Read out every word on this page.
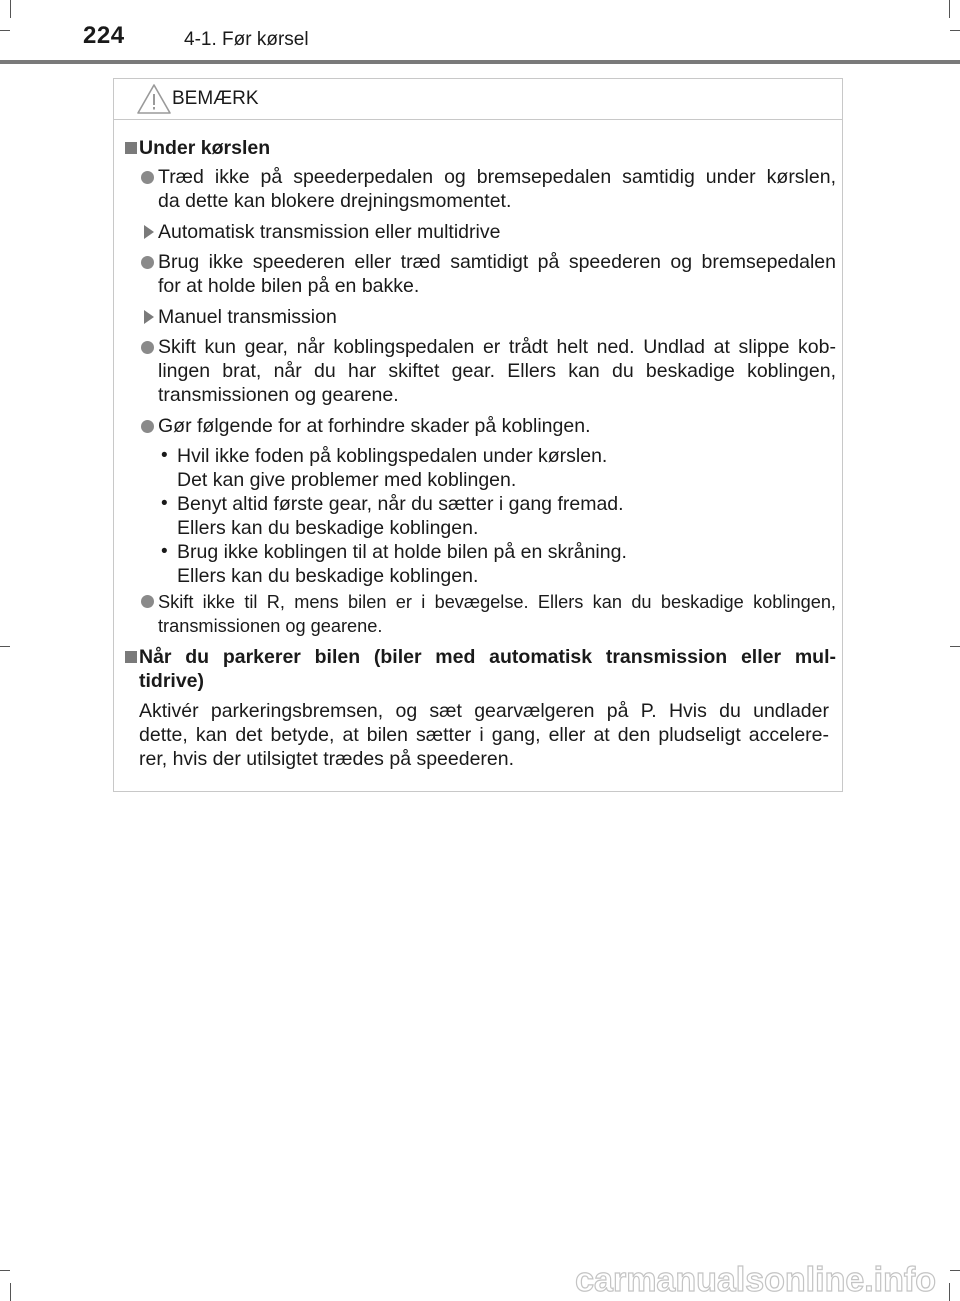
224	4-1. Før kørsel
BEMÆRK
Under kørslen
Træd ikke på speederpedalen og bremsepedalen samtidig under kørslen,
da dette kan blokere drejningsmomentet.
Automatisk transmission eller multidrive
Brug ikke speederen eller træd samtidigt på speederen og bremsepedalen
for at holde bilen på en bakke.
Manuel transmission
Skift kun gear, når koblingspedalen er trådt helt ned. Undlad at slippe kob-
lingen brat, når du har skiftet gear. Ellers kan du beskadige koblingen,
transmissionen og gearene.
Gør følgende for at forhindre skader på koblingen.
• Hvil ikke foden på koblingspedalen under kørslen.
Det kan give problemer med koblingen.
• Benyt altid første gear, når du sætter i gang fremad.
Ellers kan du beskadige koblingen.
• Brug ikke koblingen til at holde bilen på en skråning.
Ellers kan du beskadige koblingen.
Skift ikke til R, mens bilen er i bevægelse. Ellers kan du beskadige koblingen,
transmissionen og gearene.
Når du parkerer bilen (biler med automatisk transmission eller mul-
tidrive)
Aktivér parkeringsbremsen, og sæt gearvælgeren på P. Hvis du undlader
dette, kan det betyde, at bilen sætter i gang, eller at den pludseligt accelere-
rer, hvis der utilsigtet trædes på speederen.
carmanualsonline.info
